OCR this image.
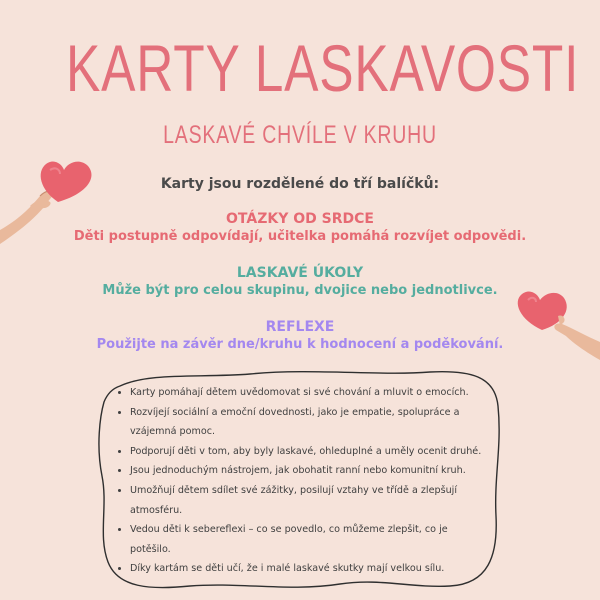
KARTY LASKAVOSTI
LASKAVÉ CHVÍLE V KRUHU
Karty jsou rozdělené do tří balíčků:
OTÁZKY OD SRDCE
Děti postupně odpovídají, učitelka pomáhá rozvíjet odpovědi.
LASKAVÉ ÚKOLY
Může být pro celou skupinu, dvojice nebo jednotlivce.
REFLEXE
Použijte na závěr dne/kruhu k hodnocení a poděkování.
• Karty pomáhají dětem uvědomovat si své chování a mluvit o emocích.
• Rozvíjejí sociální a emoční dovednosti, jako je empatie, spolupráce a vzájemná pomoc.
• Podporují děti v tom, aby byly laskavé, ohleduplné a uměly ocenit druhé.
• Jsou jednoduchým nástrojem, jak obohatit ranní nebo komunitní kruh.
• Umožňují dětem sdílet své zážitky, posilují vztahy ve třídě a zlepšují atmosféru.
• Vedou děti k sebereflexi – co se povedlo, co můžeme zlepšit, co je potěšilo.
• Díky kartám se děti učí, že i malé laskavé skutky mají velkou sílu.
